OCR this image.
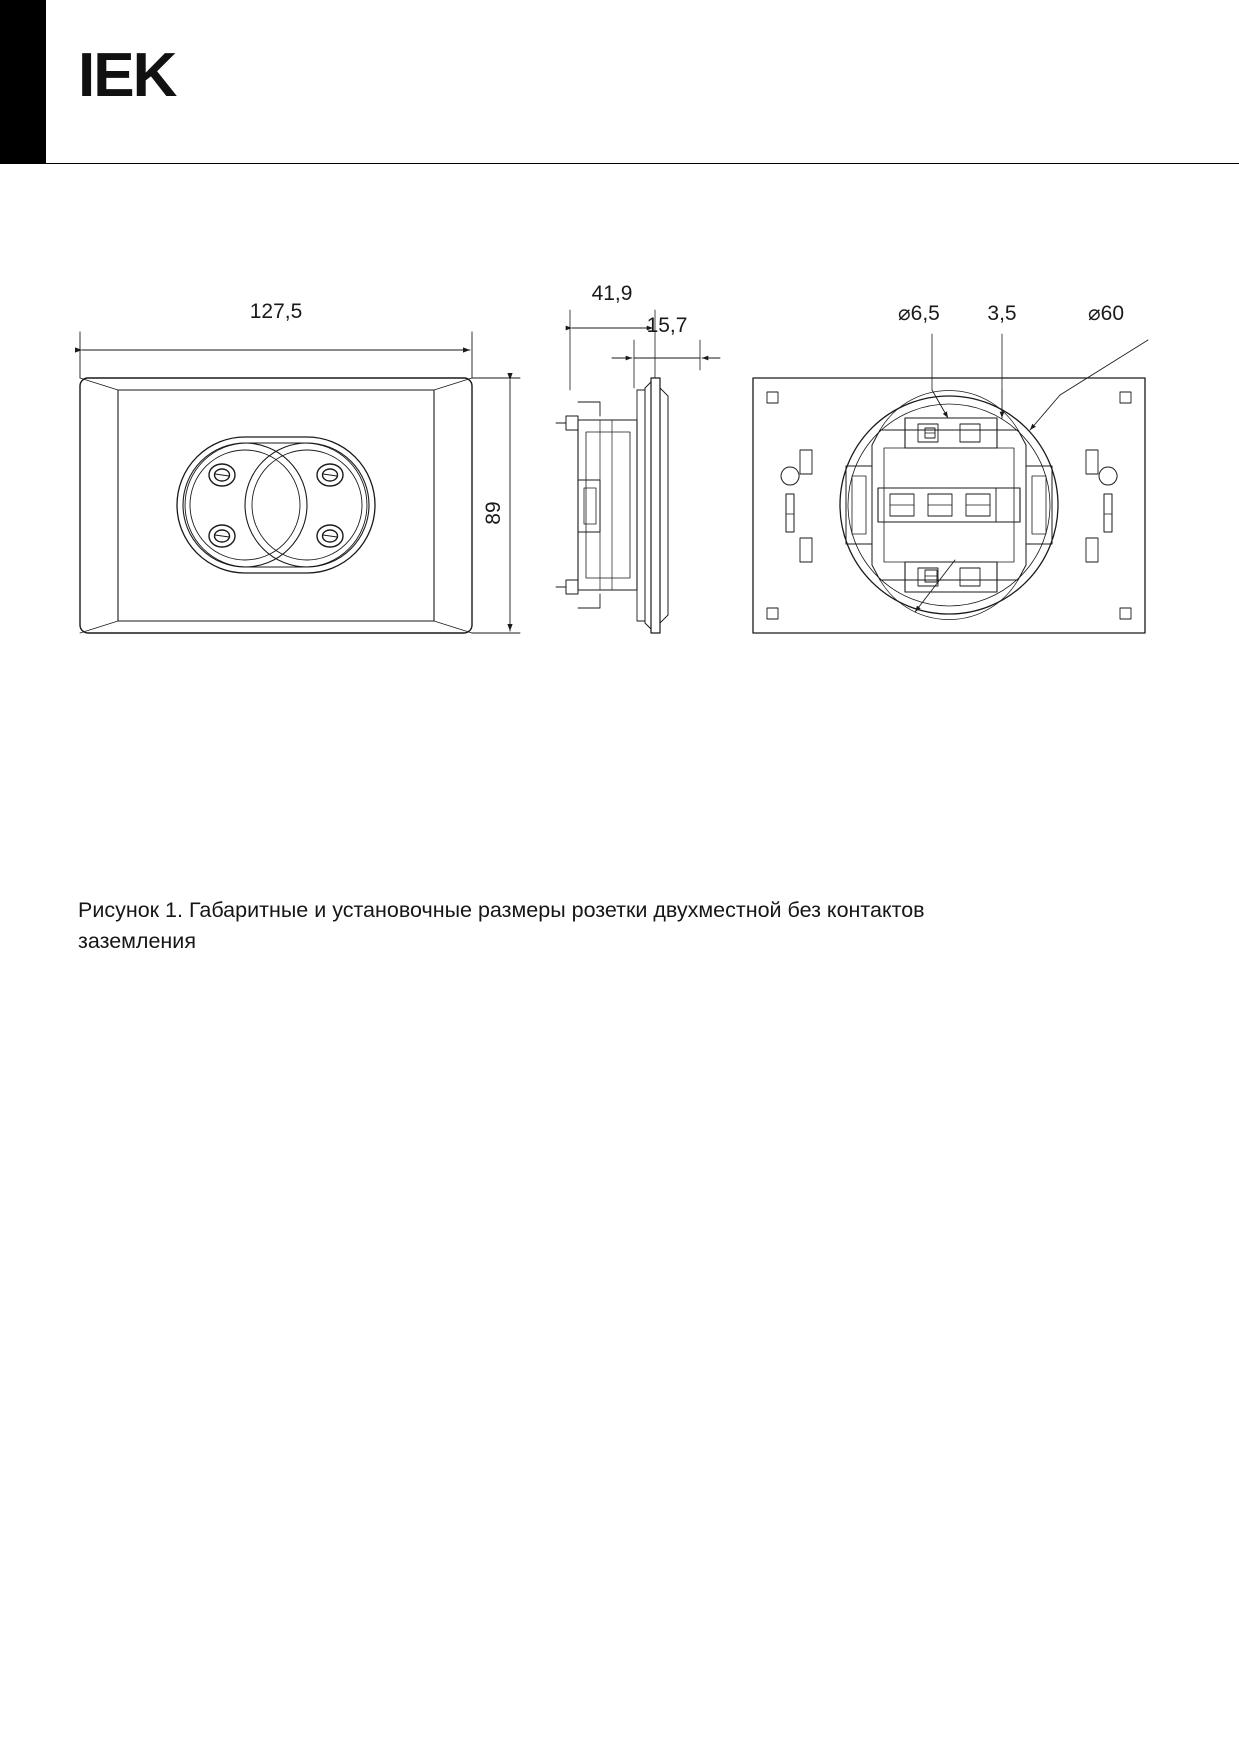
IEK
127,5
89
41,9
15,7
⌀6,5 3,5	⌀60
Рисунок 1. Габаритные и установочные размеры розетки двухместной без контактов заземления
